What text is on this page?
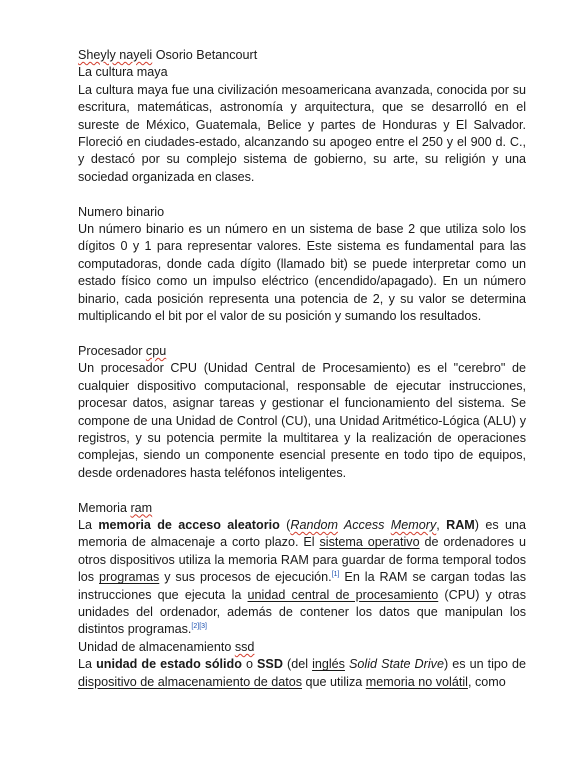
Sheyly nayeli Osorio Betancourt

La cultura maya

La cultura maya fue una civilización mesoamericana avanzada, conocida por su escritura, matemáticas, astronomía y arquitectura, que se desarrolló en el sureste de México, Guatemala, Belice y partes de Honduras y El Salvador. Floreció en ciudades-estado, alcanzando su apogeo entre el 250 y el 900 d. C., y destacó por su complejo sistema de gobierno, su arte, su religión y una sociedad organizada en clases.

Numero binario

Un número binario es un número en un sistema de base 2 que utiliza solo los dígitos 0 y 1 para representar valores. Este sistema es fundamental para las computadoras, donde cada dígito (llamado bit) se puede interpretar como un estado físico como un impulso eléctrico (encendido/apagado). En un número binario, cada posición representa una potencia de 2, y su valor se determina multiplicando el bit por el valor de su posición y sumando los resultados.

Procesador cpu

Un procesador CPU (Unidad Central de Procesamiento) es el "cerebro" de cualquier dispositivo computacional, responsable de ejecutar instrucciones, procesar datos, asignar tareas y gestionar el funcionamiento del sistema. Se compone de una Unidad de Control (CU), una Unidad Aritmético-Lógica (ALU) y registros, y su potencia permite la multitarea y la realización de operaciones complejas, siendo un componente esencial presente en todo tipo de equipos, desde ordenadores hasta teléfonos inteligentes.

Memoria ram

La memoria de acceso aleatorio (Random Access Memory, RAM) es una memoria de almacenaje a corto plazo. El sistema operativo de ordenadores u otros dispositivos utiliza la memoria RAM para guardar de forma temporal todos los programas y sus procesos de ejecución.[1] En la RAM se cargan todas las instrucciones que ejecuta la unidad central de procesamiento (CPU) y otras unidades del ordenador, además de contener los datos que manipulan los distintos programas.[2][3]

Unidad de almacenamiento ssd

La unidad de estado sólido o SSD (del inglés Solid State Drive) es un tipo de dispositivo de almacenamiento de datos que utiliza memoria no volátil, como
